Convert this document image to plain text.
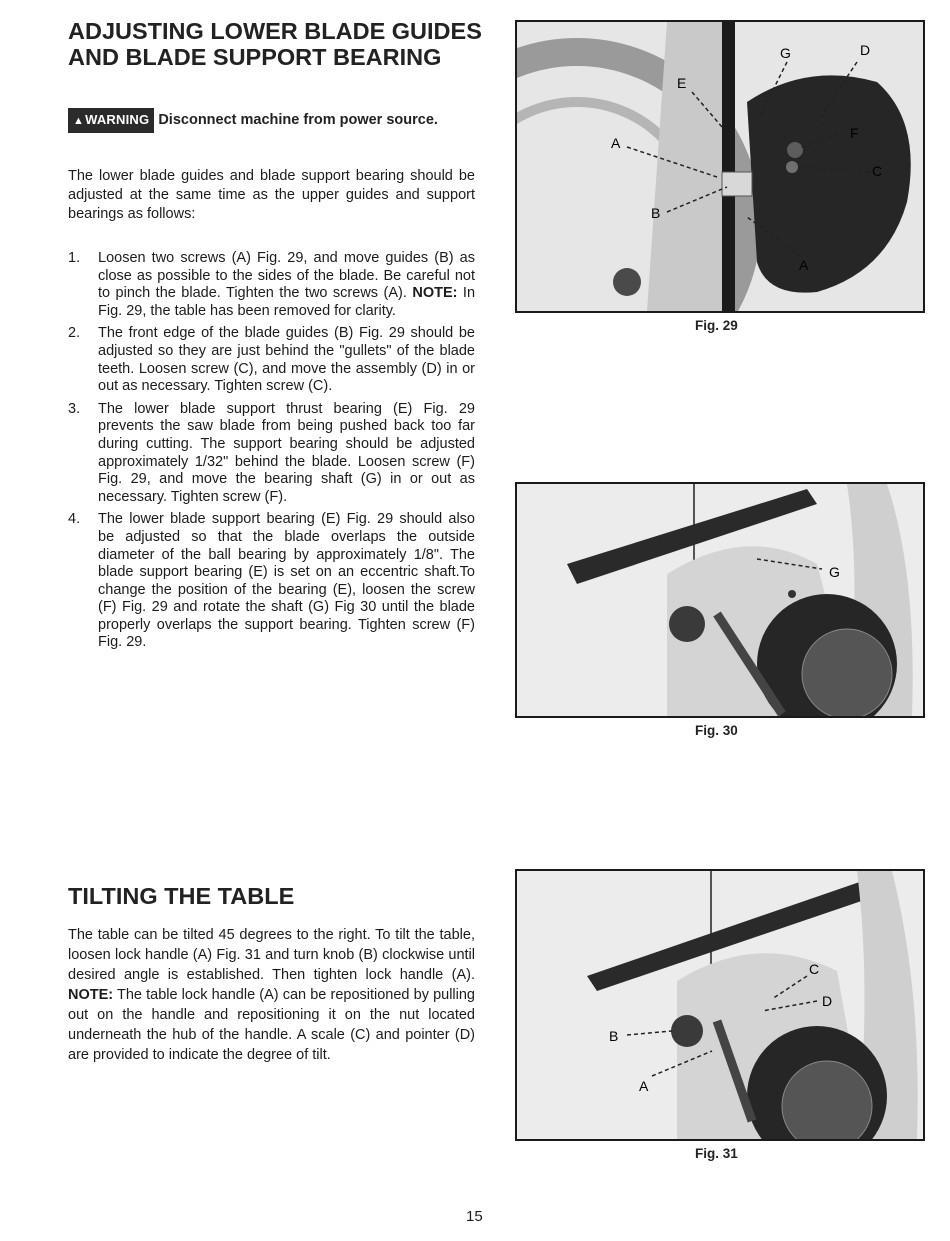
ADJUSTING LOWER BLADE GUIDES
AND BLADE SUPPORT BEARING
▲WARNING Disconnect machine from power source.

The lower blade guides and blade support bearing should be adjusted at the same time as the upper guides and support bearings as follows:

1. Loosen two screws (A) Fig. 29, and move guides (B) as close as possible to the sides of the blade. Be careful not to pinch the blade. Tighten the two screws (A). NOTE: In Fig. 29, the table has been removed for clarity.
2. The front edge of the blade guides (B) Fig. 29 should be adjusted so they are just behind the "gullets" of the blade teeth. Loosen screw (C), and move the assembly (D) in or out as necessary. Tighten screw (C).
3. The lower blade support thrust bearing (E) Fig. 29 prevents the saw blade from being pushed back too far during cutting. The support bearing should be adjusted approximately 1/32" behind the blade. Loosen screw (F) Fig. 29, and move the bearing shaft (G) in or out as necessary. Tighten screw (F).
4. The lower blade support bearing (E) Fig. 29 should also be adjusted so that the blade overlaps the outside diameter of the ball bearing by approximately 1/8". The blade support bearing (E) is set on an eccentric shaft.To change the position of the bearing (E), loosen the screw (F) Fig. 29 and rotate the shaft (G) Fig 30 until the blade properly overlaps the support bearing. Tighten screw (F) Fig. 29.
TILTING THE TABLE

The table can be tilted 45 degrees to the right. To tilt the table, loosen lock handle (A) Fig. 31 and turn knob (B) clockwise until desired angle is established. Then tighten lock handle (A). NOTE: The table lock handle (A) can be repositioned by pulling out on the handle and repositioning it on the nut located underneath the hub of the handle. A scale (C) and pointer (D) are provided to indicate the degree of tilt.

G	D
E
F
A
C
B
A
Fig. 29
G
Fig. 30
C
D
B
A
Fig. 31
15
